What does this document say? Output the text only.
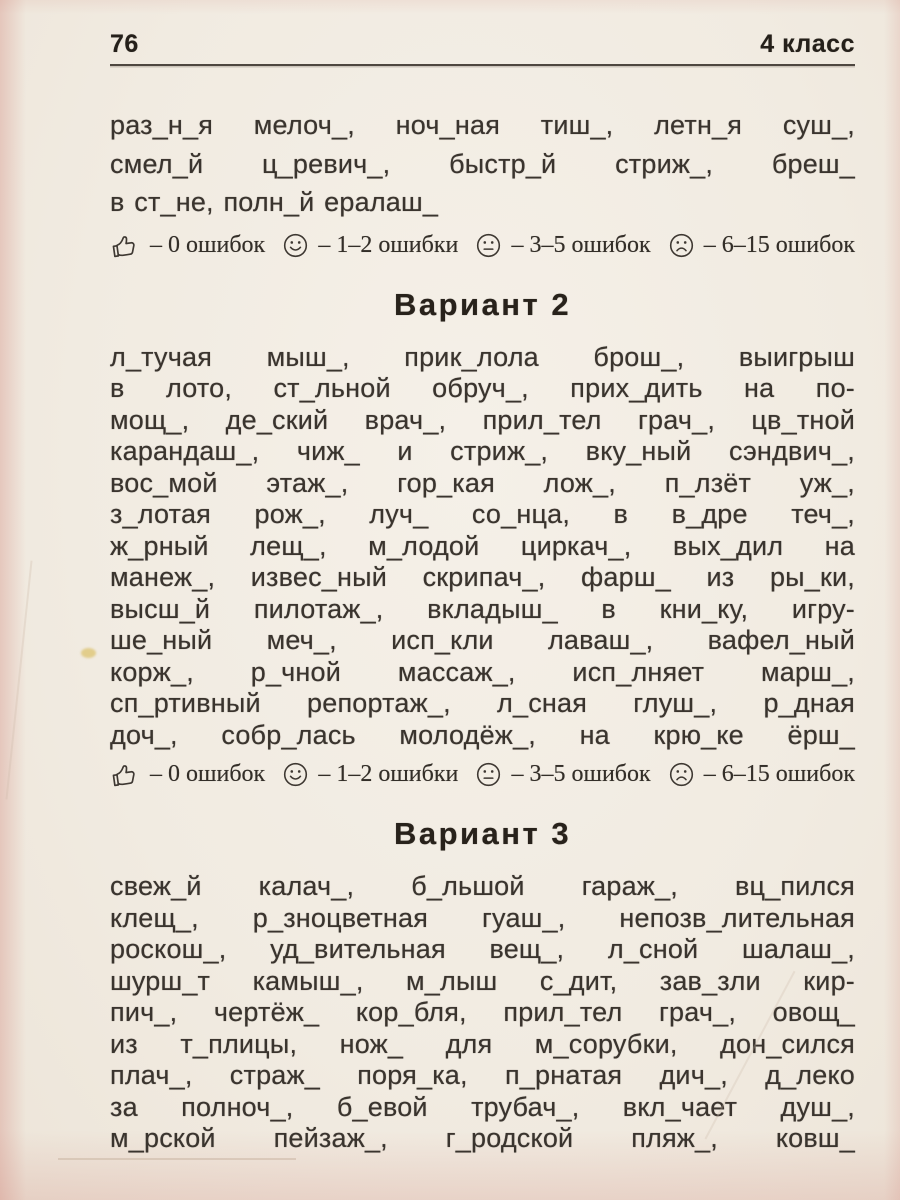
76	4 класс
раз_н_я мелоч_, ноч_ная тиш_, летн_я суш_,
смел_й ц_ревич_, быстр_й стриж_, бреш_
в ст_не, полн_й ералаш_
– 0 ошибок – 1–2 ошибки – 3–5 ошибок – 6–15 ошибок
Вариант 2
л_тучая мыш_, прик_лола брош_, выигрыш
в лото, ст_льной обруч_, прих_дить на по-
мощ_, де_ский врач_, прил_тел грач_, цв_тной
карандаш_, чиж_ и стриж_, вку_ный сэндвич_,
вос_мой этаж_, гор_кая лож_, п_лзёт уж_,
з_лотая рож_, луч_ со_нца, в в_дре теч_,
ж_рный лещ_, м_лодой циркач_, вых_дил на
манеж_, извес_ный скрипач_, фарш_ из ры_ки,
высш_й пилотаж_, вкладыш_ в кни_ку, игру-
ше_ный меч_, исп_кли лаваш_, вафел_ный
корж_, р_чной массаж_, исп_лняет марш_,
сп_ртивный репортаж_, л_сная глуш_, р_дная
доч_, собр_лась молодёж_, на крю_ке ёрш_
– 0 ошибок – 1–2 ошибки – 3–5 ошибок – 6–15 ошибок
Вариант 3
свеж_й калач_, б_льшой гараж_, вц_пился
клещ_, р_зноцветная гуаш_, непозв_лительная
роскош_, уд_вительная вещ_, л_сной шалаш_,
шурш_т камыш_, м_лыш с_дит, зав_зли кир-
пич_, чертёж_ кор_бля, прил_тел грач_, овощ_
из т_плицы, нож_ для м_сорубки, дон_сился
плач_, страж_ поря_ка, п_рнатая дич_, д_леко
за полноч_, б_евой трубач_, вкл_чает душ_,
м_рской пейзаж_, г_родской пляж_, ковш_
